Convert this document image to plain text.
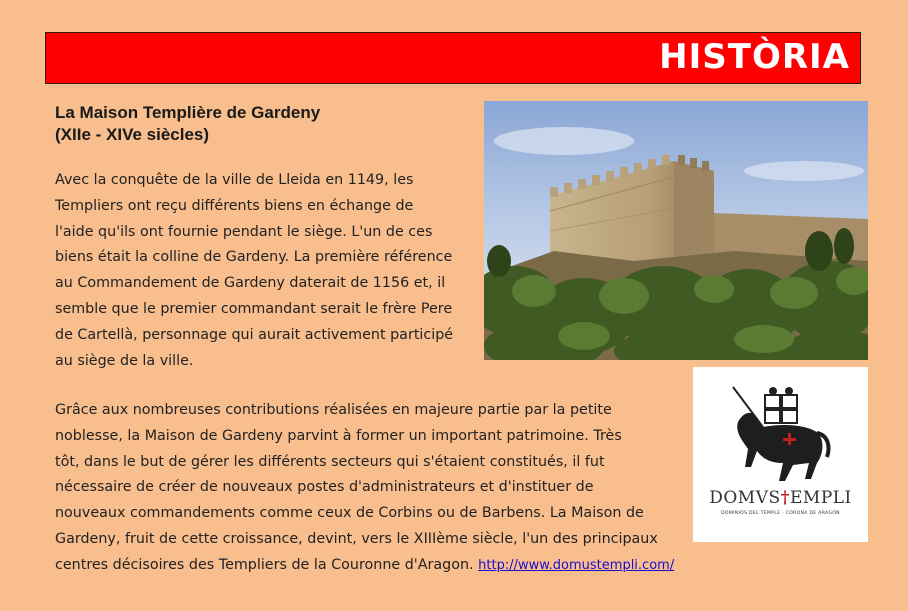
HISTÒRIA
La Maison Templière de Gardeny
(XIIe - XIVe siècles)
Avec la conquête de la ville de Lleida en 1149, les
Templiers ont reçu différents biens en échange de
l'aide qu'ils ont fournie pendant le siège. L'un de ces
biens était la colline de Gardeny. La première référence
au Commandement de Gardeny daterait de 1156 et, il
semble que le premier commandant serait le frère Pere
de Cartellà, personnage qui aurait activement participé
au siège de la ville.
Grâce aux nombreuses contributions réalisées en majeure partie par la petite
noblesse, la Maison de Gardeny parvint à former un important patrimoine. Très
tôt, dans le but de gérer les différents secteurs qui s'étaient constitués, il fut
nécessaire de créer de nouveaux postes d'administrateurs et d'instituer de
nouveaux commandements comme ceux de Corbins ou de Barbens. La Maison de
Gardeny, fruit de cette croissance, devint, vers le XIIIème siècle, l'un des principaux
centres décisoires des Templiers de la Couronne d'Aragon. http://www.domustempli.com/
DOMVS†EMPLI
DOMINIOS DEL TEMPLE · CORONA DE ARAGÓN
